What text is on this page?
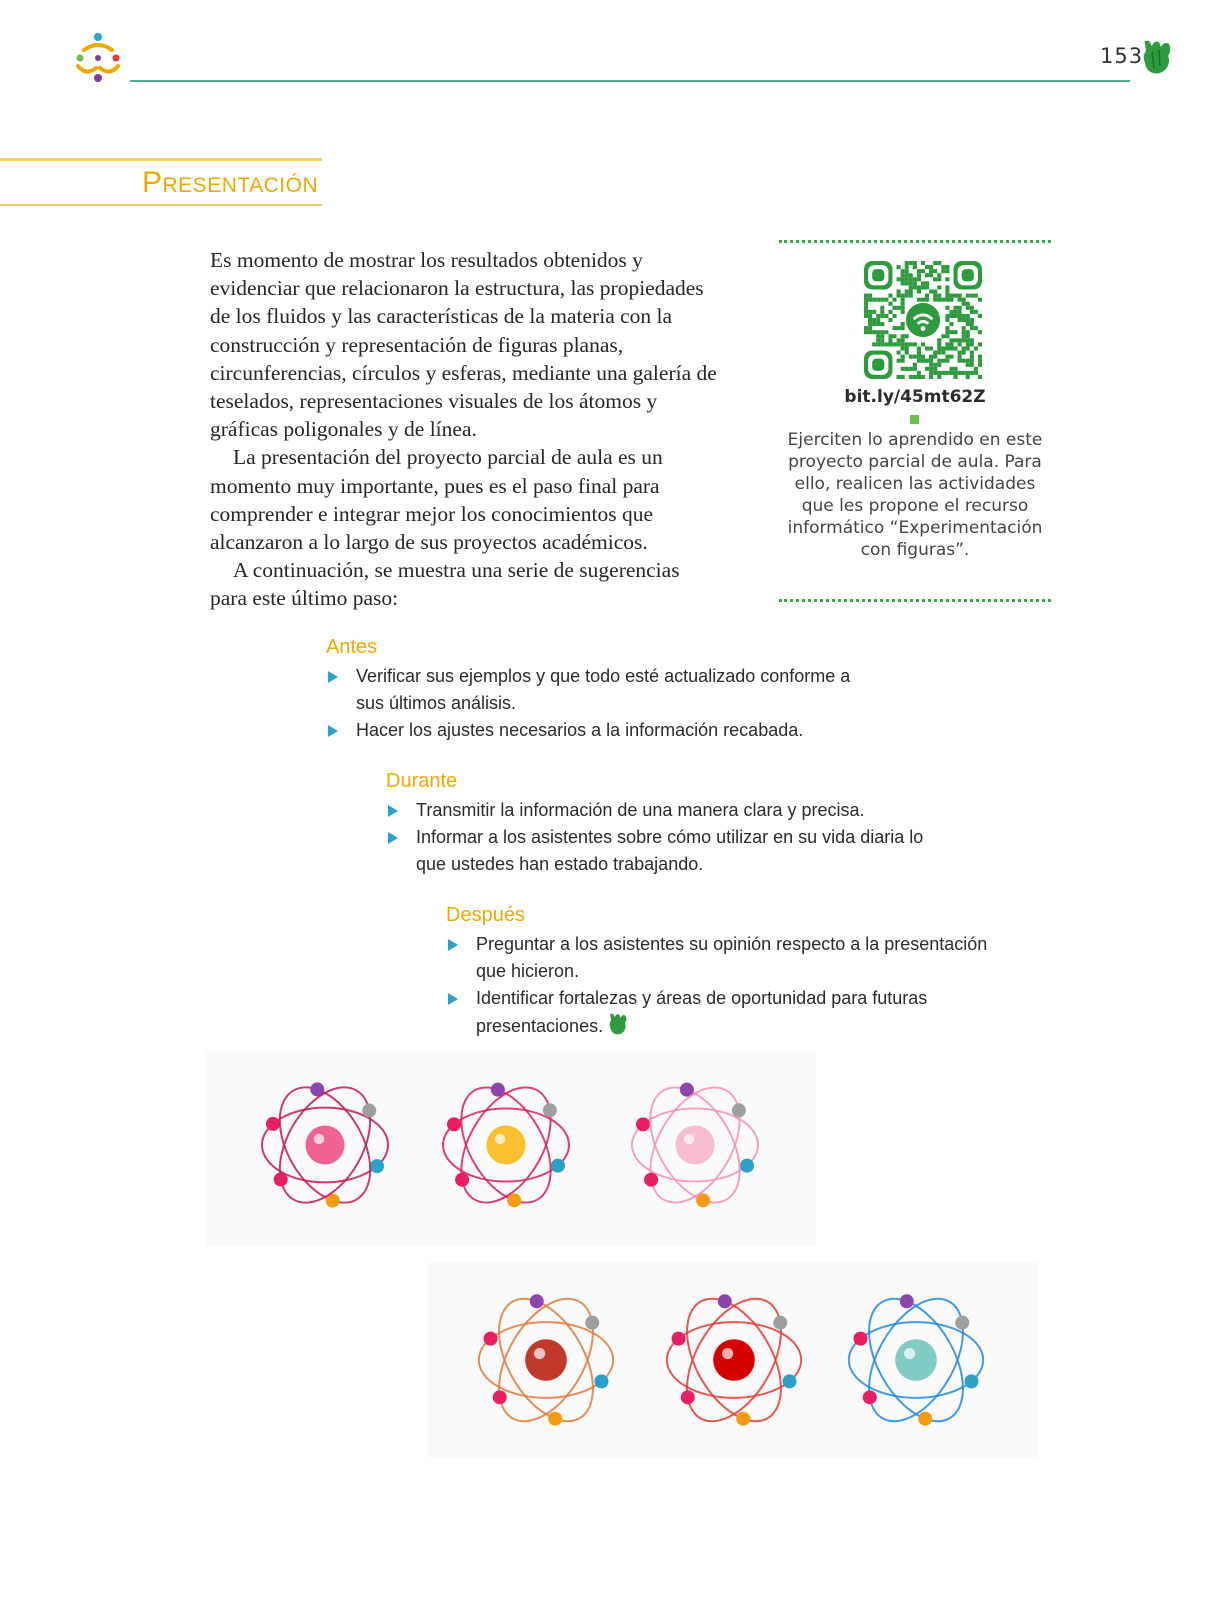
153
Presentación

Es momento de mostrar los resultados obtenidos y evidenciar que relacionaron la estructura, las propiedades de los fluidos y las características de la materia con la construcción y representación de figuras planas, circunferencias, círculos y esferas, mediante una galería de teselados, representaciones visuales de los átomos y gráficas poligonales y de línea.

La presentación del proyecto parcial de aula es un momento muy importante, pues es el paso final para comprender e integrar mejor los conocimientos que alcanzaron a lo largo de sus proyectos académicos.

A continuación, se muestra una serie de sugerencias para este último paso:

bit.ly/45mt62Z
Ejerciten lo aprendido en este proyecto parcial de aula. Para ello, realicen las actividades que les propone el recurso informático “Experimentación con figuras”.
Antes
Verificar sus ejemplos y que todo esté actualizado conforme a sus últimos análisis.
Hacer los ajustes necesarios a la información recabada.
Durante
Transmitir la información de una manera clara y precisa.
Informar a los asistentes sobre cómo utilizar en su vida diaria lo que ustedes han estado trabajando.
Después
Preguntar a los asistentes su opinión respecto a la presentación que hicieron.
Identificar fortalezas y áreas de oportunidad para futuras presentaciones.
